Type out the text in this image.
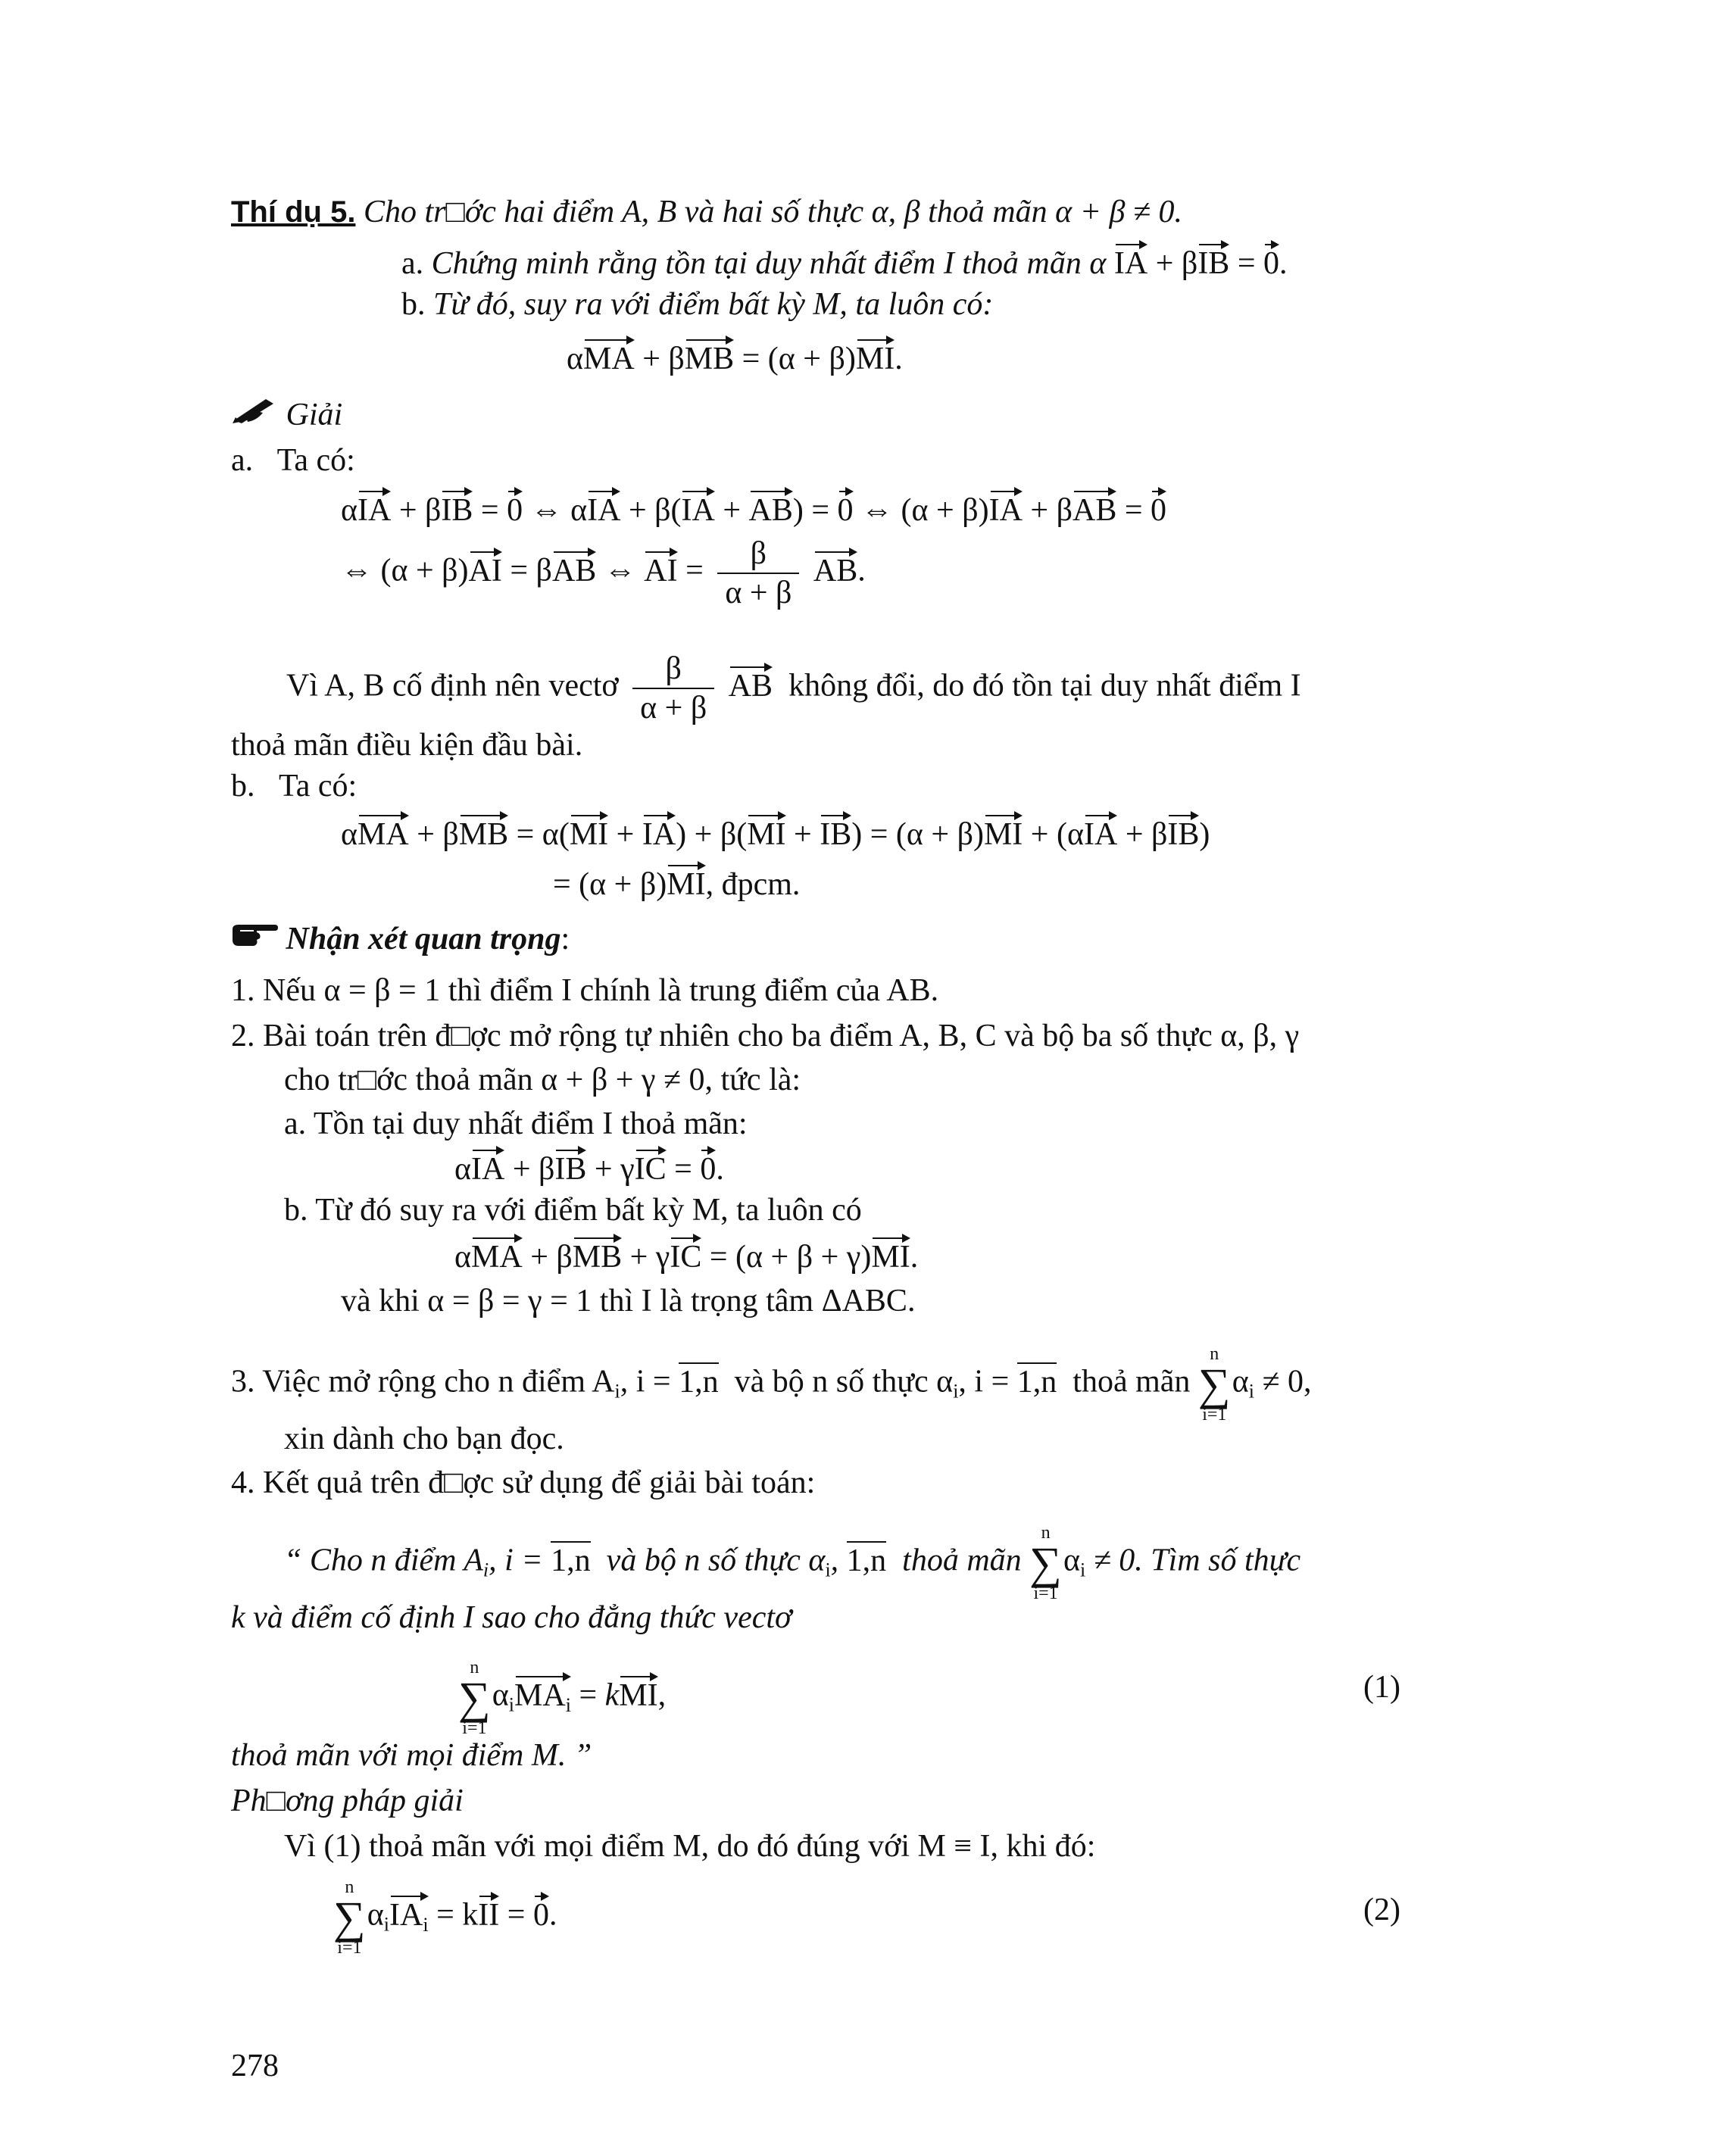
Thí dụ 5. Cho tr□ớc hai điểm A, B và hai số thực α, β thoả mãn α + β ≠ 0.
a. Chứng minh rằng tồn tại duy nhất điểm I thoả mãn α IA + βIB = 0.
b. Từ đó, suy ra với điểm bất kỳ M, ta luôn có:
αMA + βMB = (α + β)MI.
Giải
a. Ta có:
αIA + βIB = 0 ⇔ αIA + β(IA + AB) = 0 ⇔ (α + β)IA + βAB = 0
⇔ (α + β)AI = βAB ⇔ AI = $\frac{\beta}{\alpha + \beta}$ AB.
Vì A, B cố định nên vectơ $\frac{\beta}{\alpha + \beta}$ AB không đổi, do đó tồn tại duy nhất điểm I
thoả mãn điều kiện đầu bài.
b. Ta có:
αMA + βMB = α(MI + IA) + β(MI + IB) = (α + β)MI + (αIA + βIB)
= (α + β)MI, đpcm.
Nhận xét quan trọng:
1. Nếu α = β = 1 thì điểm I chính là trung điểm của AB.
2. Bài toán trên đ□ợc mở rộng tự nhiên cho ba điểm A, B, C và bộ ba số thực α, β, γ
cho tr□ớc thoả mãn α + β + γ ≠ 0, tức là:
a. Tồn tại duy nhất điểm I thoả mãn:
αIA + βIB + γIC = 0.
b. Từ đó suy ra với điểm bất kỳ M, ta luôn có
αMA + βMB + γIC = (α + β + γ)MI.
và khi α = β = γ = 1 thì I là trọng tâm ΔABC.
3. Việc mở rộng cho n điểm $A_i$, i = 1,n và bộ n số thực $\alpha_i$, i = 1,n thoả mãn
n
∑
i=1
$\alpha_i \ne 0$,
xin dành cho bạn đọc.
4. Kết quả trên đ□ợc sử dụng để giải bài toán:
“ Cho n điểm $A_i$, i = 1,n và bộ n số thực $\alpha_i$, 1,n thoả mãn
n
∑
i=1
$\alpha_i \ne 0$. Tìm số thực
k và điểm cố định I sao cho đẳng thức vectơ
n
∑
i=1
$\alpha_iMA_i$ = kMI,	(1)
thoả mãn với mọi điểm M. ”
Ph□ơng pháp giải
Vì (1) thoả mãn với mọi điểm M, do đó đúng với M ≡ I, khi đó:
n
∑
i=1
$\alpha_iIA_i$ = kII = 0.	(2)
278
